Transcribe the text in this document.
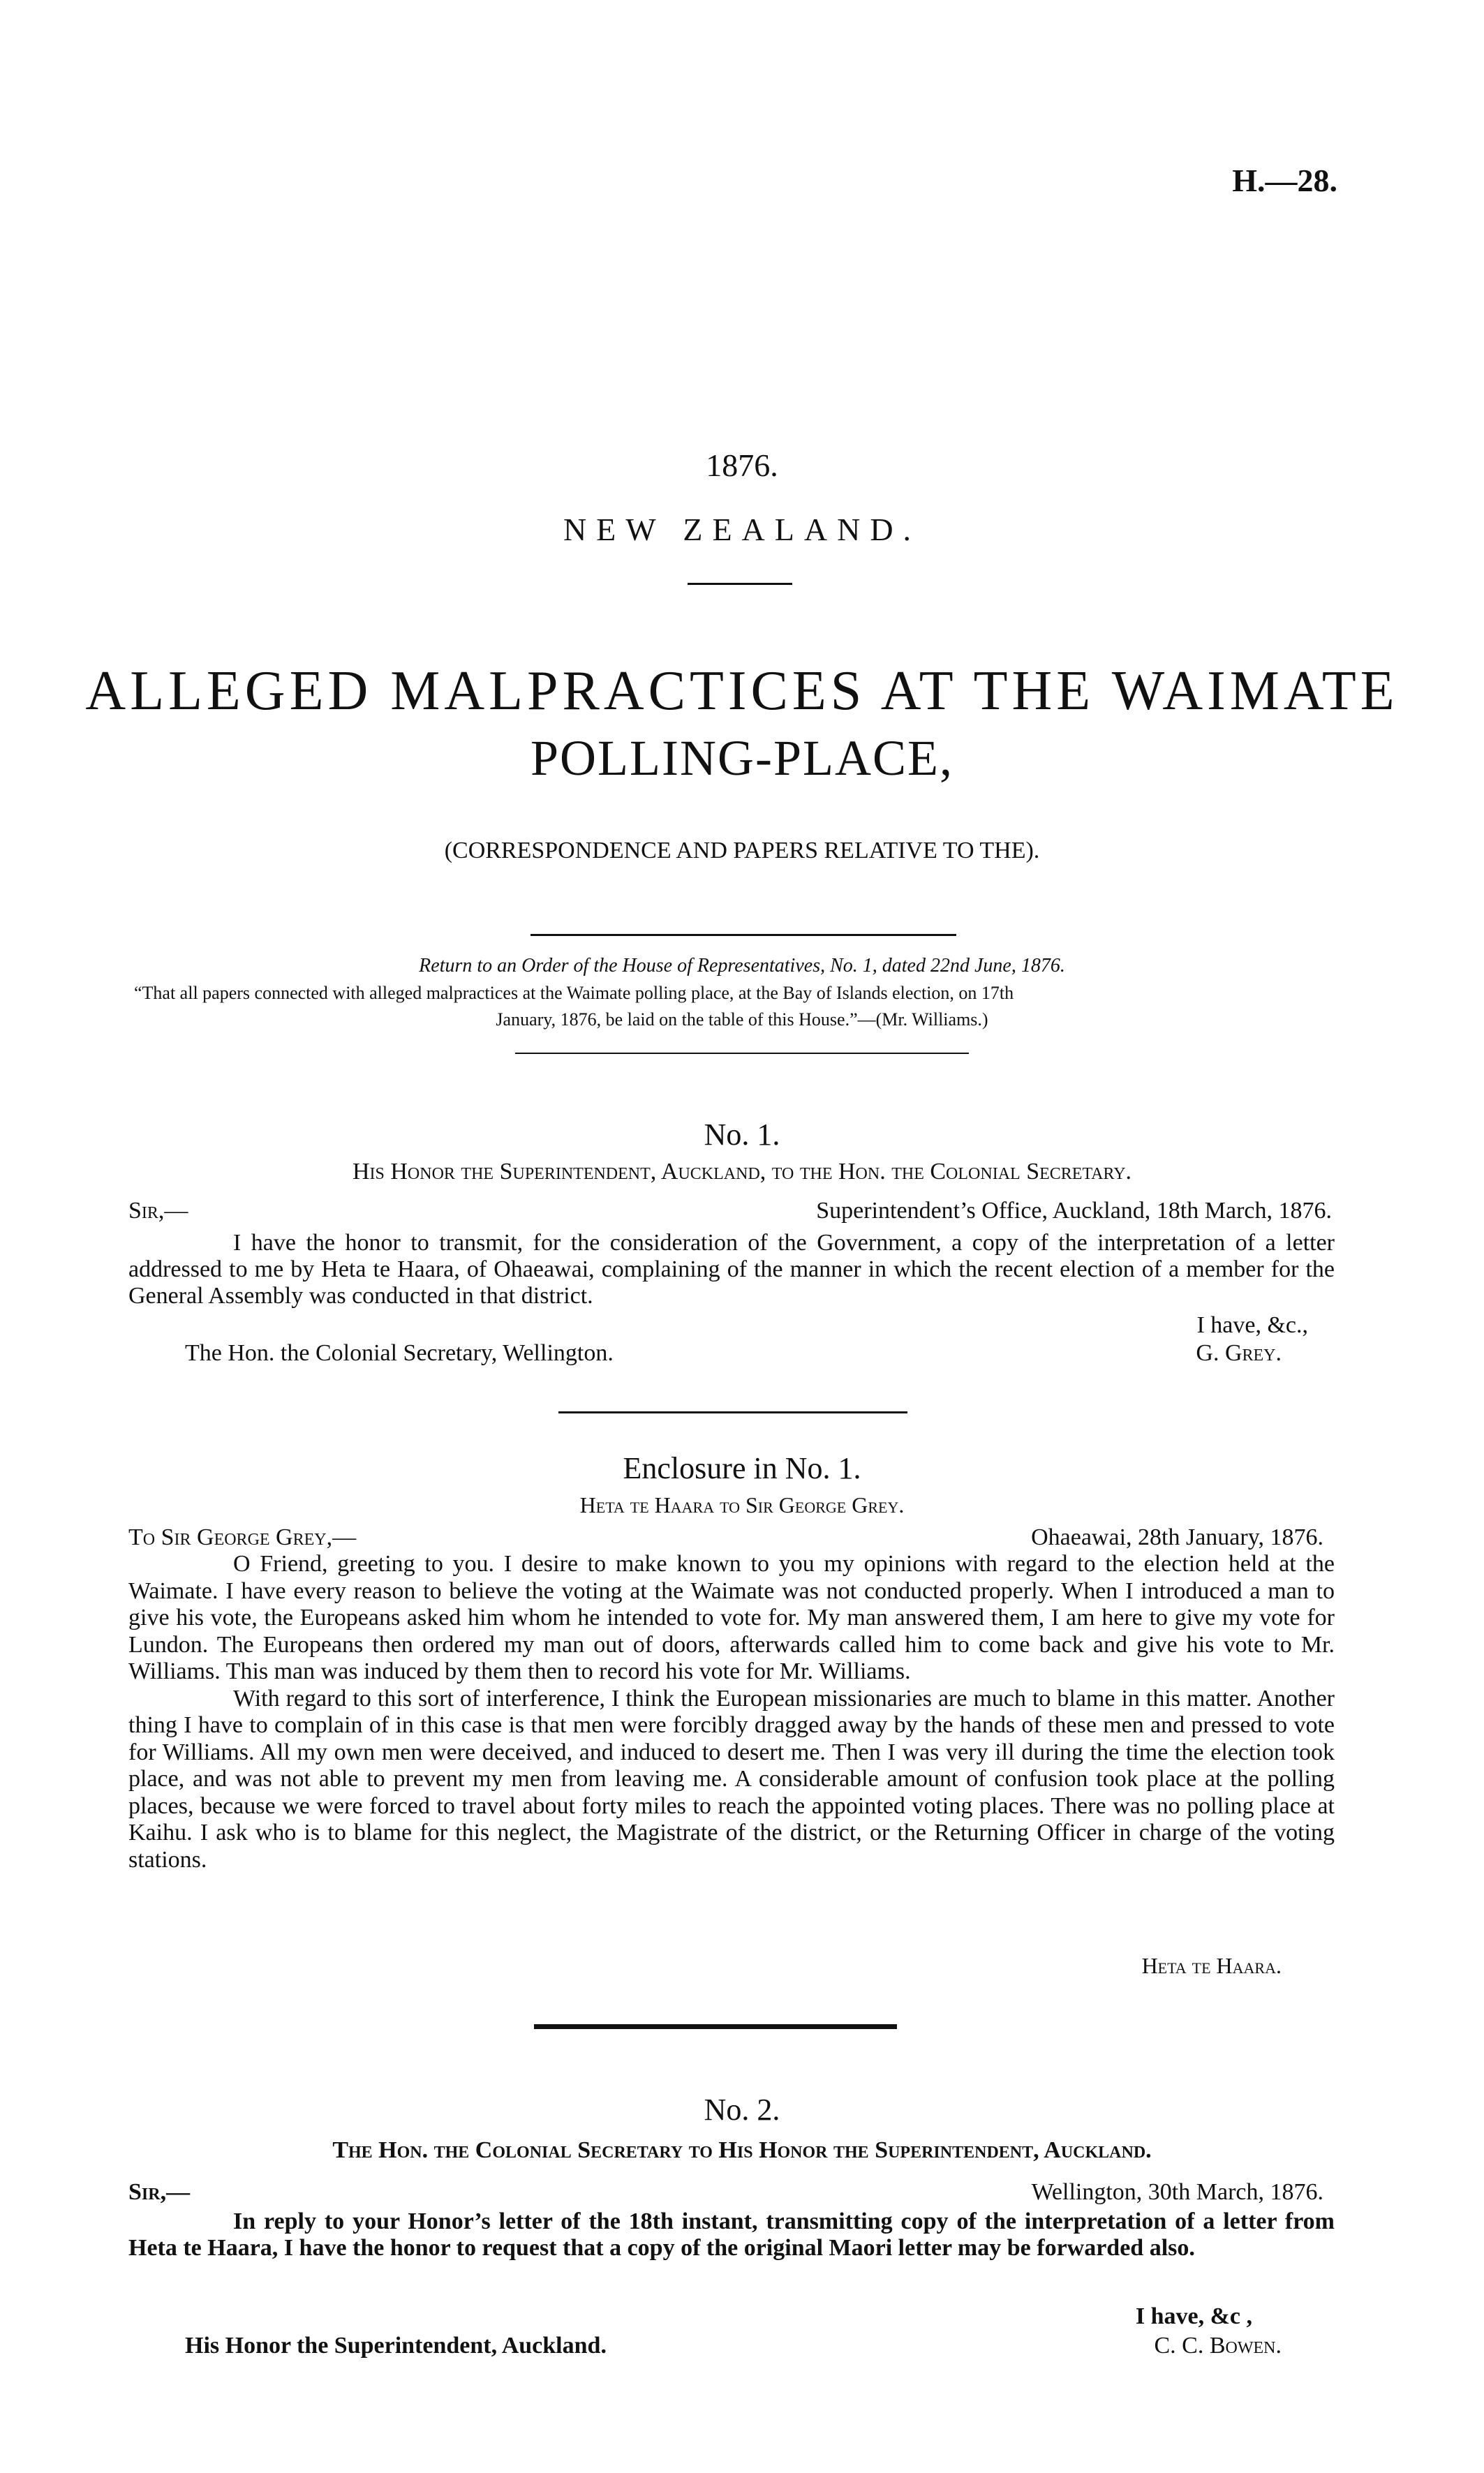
H.—28.
1876.
NEW ZEALAND.
ALLEGED MALPRACTICES AT THE WAIMATE
POLLING-PLACE,
(CORRESPONDENCE AND PAPERS RELATIVE TO THE).
Return to an Order of the House of Representatives, No. 1, dated 22nd June, 1876.
“That all papers connected with alleged malpractices at the Waimate polling place, at the Bay of Islands election, on 17th
January, 1876, be laid on the table of this House.”—(Mr. Williams.)
No. 1.
His Honor the Superintendent, Auckland, to the Hon. the Colonial Secretary.
Sir,—	Superintendent’s Office, Auckland, 18th March, 1876.

I have the honor to transmit, for the consideration of the Government, a copy of the interpretation of a letter addressed to me by Heta te Haara, of Ohaeawai, complaining of the manner in which the recent election of a member for the General Assembly was conducted in that district.

I have, &c.,
The Hon. the Colonial Secretary, Wellington.	G. Grey.
Enclosure in No. 1.
Heta te Haara to Sir George Grey.
To Sir George Grey,—	Ohaeawai, 28th January, 1876.

O Friend, greeting to you. I desire to make known to you my opinions with regard to the election held at the Waimate. I have every reason to believe the voting at the Waimate was not conducted properly. When I introduced a man to give his vote, the Europeans asked him whom he intended to vote for. My man answered them, I am here to give my vote for Lundon. The Europeans then ordered my man out of doors, afterwards called him to come back and give his vote to Mr. Williams. This man was induced by them then to record his vote for Mr. Williams.

With regard to this sort of interference, I think the European missionaries are much to blame in this matter. Another thing I have to complain of in this case is that men were forcibly dragged away by the hands of these men and pressed to vote for Williams. All my own men were deceived, and induced to desert me. Then I was very ill during the time the election took place, and was not able to prevent my men from leaving me. A considerable amount of confusion took place at the polling places, because we were forced to travel about forty miles to reach the appointed voting places. There was no polling place at Kaihu. I ask who is to blame for this neglect, the Magistrate of the district, or the Returning Officer in charge of the voting stations.

Heta te Haara.
No. 2.
The Hon. the Colonial Secretary to His Honor the Superintendent, Auckland.
Sir,—	Wellington, 30th March, 1876.

In reply to your Honor’s letter of the 18th instant, transmitting copy of the interpretation of a letter from Heta te Haara, I have the honor to request that a copy of the original Maori letter may be forwarded also.

I have, &c ,
His Honor the Superintendent, Auckland.	C. C. Bowen.
